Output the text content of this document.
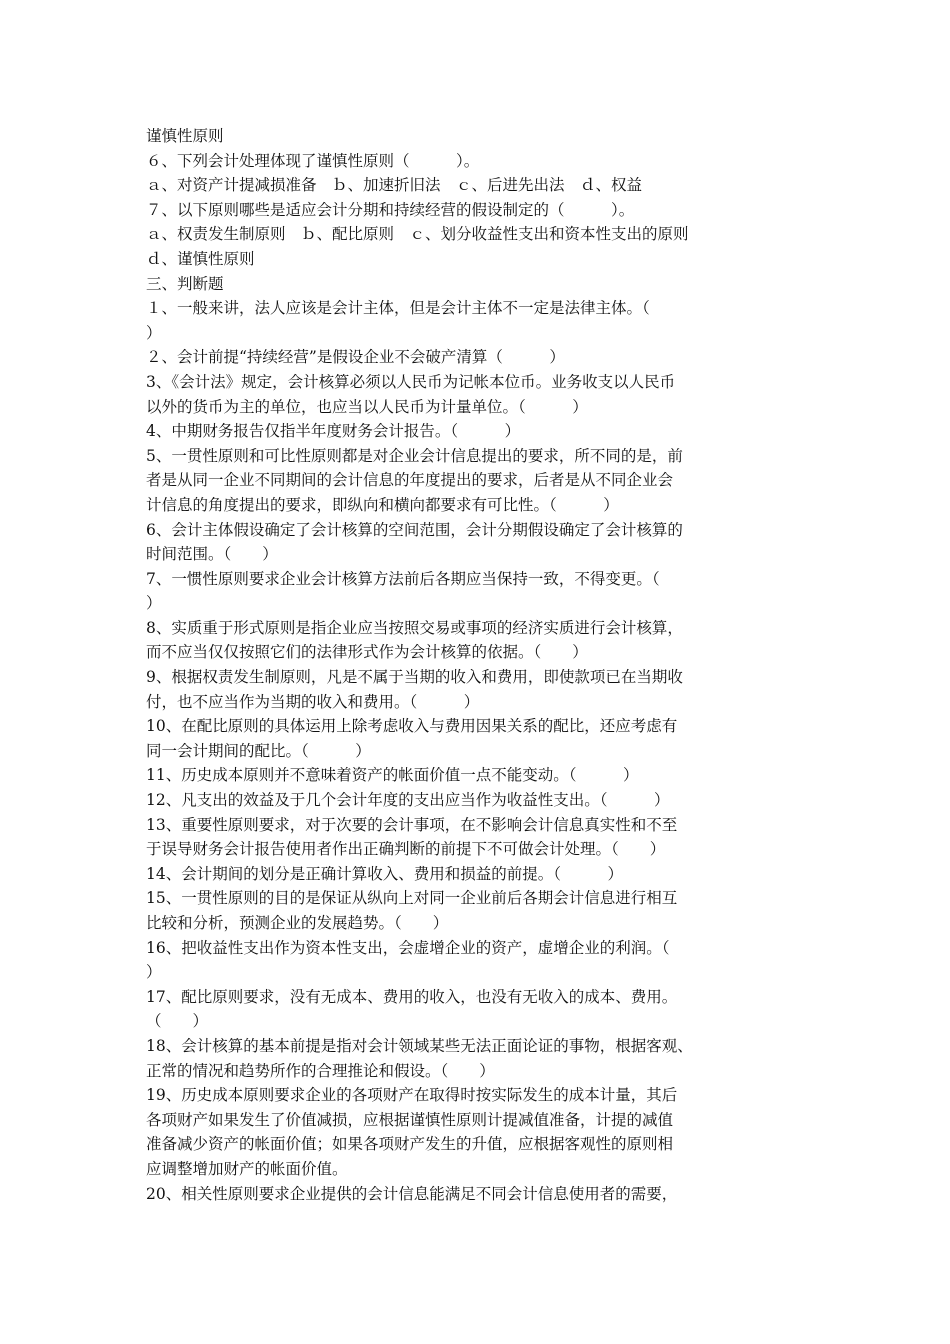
谨慎性原则
６、下列会计处理体现了谨慎性原则（　　　）。
ａ、对资产计提减损准备　ｂ、加速折旧法　ｃ、后进先出法　ｄ、权益
７、以下原则哪些是适应会计分期和持续经营的假设制定的（　　　）。
ａ、权责发生制原则　ｂ、配比原则　ｃ、划分收益性支出和资本性支出的原则
ｄ、谨慎性原则
三、判断题
１、一般来讲，法人应该是会计主体，但是会计主体不一定是法律主体。（
）
２、会计前提“持续经营”是假设企业不会破产清算（　　　）
3、《会计法》规定，会计核算必须以人民币为记帐本位币。业务收支以人民币
以外的货币为主的单位，也应当以人民币为计量单位。（　　　）
4、中期财务报告仅指半年度财务会计报告。（　　　）
5、一贯性原则和可比性原则都是对企业会计信息提出的要求，所不同的是，前
者是从同一企业不同期间的会计信息的年度提出的要求，后者是从不同企业会
计信息的角度提出的要求，即纵向和横向都要求有可比性。（　　　）
6、会计主体假设确定了会计核算的空间范围，会计分期假设确定了会计核算的
时间范围。（　　）
7、一惯性原则要求企业会计核算方法前后各期应当保持一致，不得变更。（
）
8、实质重于形式原则是指企业应当按照交易或事项的经济实质进行会计核算，
而不应当仅仅按照它们的法律形式作为会计核算的依据。（　　）
9、根据权责发生制原则，凡是不属于当期的收入和费用，即使款项已在当期收
付，也不应当作为当期的收入和费用。（　　　）
10、在配比原则的具体运用上除考虑收入与费用因果关系的配比，还应考虑有
同一会计期间的配比。（　　　）
11、历史成本原则并不意味着资产的帐面价值一点不能变动。（　　　）
12、凡支出的效益及于几个会计年度的支出应当作为收益性支出。（　　　）
13、重要性原则要求，对于次要的会计事项，在不影响会计信息真实性和不至
于误导财务会计报告使用者作出正确判断的前提下不可做会计处理。（　　）
14、会计期间的划分是正确计算收入、费用和损益的前提。（　　　）
15、一贯性原则的目的是保证从纵向上对同一企业前后各期会计信息进行相互
比较和分析，预测企业的发展趋势。（　　）
16、把收益性支出作为资本性支出，会虚增企业的资产，虚增企业的利润。（
）
17、配比原则要求，没有无成本、费用的收入，也没有无收入的成本、费用。
（　　）
18、会计核算的基本前提是指对会计领域某些无法正面论证的事物，根据客观、
正常的情况和趋势所作的合理推论和假设。（　　）
19、历史成本原则要求企业的各项财产在取得时按实际发生的成本计量，其后
各项财产如果发生了价值减损，应根据谨慎性原则计提减值准备，计提的减值
准备减少资产的帐面价值；如果各项财产发生的升值，应根据客观性的原则相
应调整增加财产的帐面价值。
20、相关性原则要求企业提供的会计信息能满足不同会计信息使用者的需要，
